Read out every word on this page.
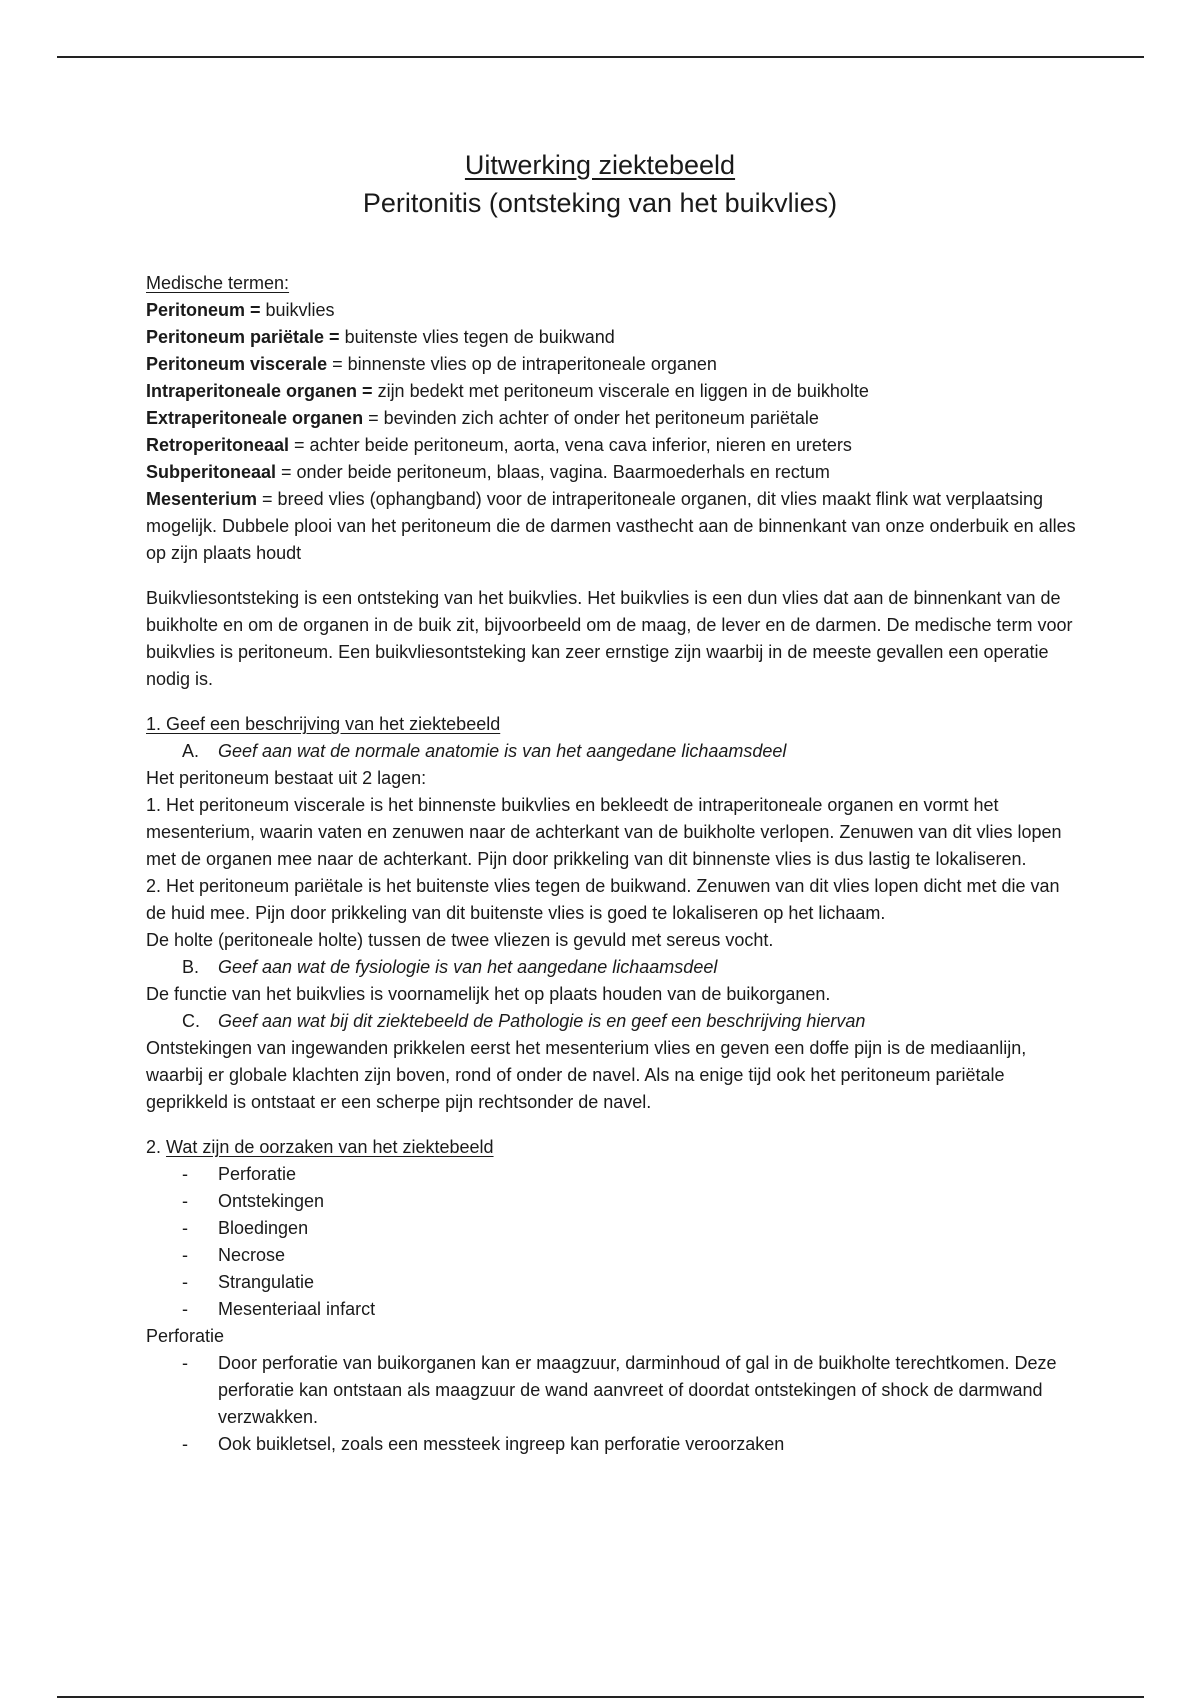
Uitwerking ziektebeeld
Peritonitis (ontsteking van het buikvlies)

Medische termen:

Peritoneum = buikvlies

Peritoneum pariëtale = buitenste vlies tegen de buikwand

Peritoneum viscerale = binnenste vlies op de intraperitoneale organen

Intraperitoneale organen = zijn bedekt met peritoneum viscerale en liggen in de buikholte

Extraperitoneale organen = bevinden zich achter of onder het peritoneum pariëtale

Retroperitoneaal = achter beide peritoneum, aorta, vena cava inferior, nieren en ureters

Subperitoneaal = onder beide peritoneum, blaas, vagina. Baarmoederhals en rectum

Mesenterium = breed vlies (ophangband) voor de intraperitoneale organen, dit vlies maakt flink wat verplaatsing mogelijk. Dubbele plooi van het peritoneum die de darmen vasthecht aan de binnenkant van onze onderbuik en alles op zijn plaats houdt

Buikvliesontsteking is een ontsteking van het buikvlies. Het buikvlies is een dun vlies dat aan de binnenkant van de buikholte en om de organen in de buik zit, bijvoorbeeld om de maag, de lever en de darmen. De medische term voor buikvlies is peritoneum. Een buikvliesontsteking kan zeer ernstige zijn waarbij in de meeste gevallen een operatie nodig is.

1. Geef een beschrijving van het ziektebeeld

A. Geef aan wat de normale anatomie is van het aangedane lichaamsdeel

Het peritoneum bestaat uit 2 lagen:

1. Het peritoneum viscerale is het binnenste buikvlies en bekleedt de intraperitoneale organen en vormt het mesenterium, waarin vaten en zenuwen naar de achterkant van de buikholte verlopen. Zenuwen van dit vlies lopen met de organen mee naar de achterkant. Pijn door prikkeling van dit binnenste vlies is dus lastig te lokaliseren.

2. Het peritoneum pariëtale is het buitenste vlies tegen de buikwand. Zenuwen van dit vlies lopen dicht met die van de huid mee. Pijn door prikkeling van dit buitenste vlies is goed te lokaliseren op het lichaam.

De holte (peritoneale holte) tussen de twee vliezen is gevuld met sereus vocht.

B. Geef aan wat de fysiologie is van het aangedane lichaamsdeel

De functie van het buikvlies is voornamelijk het op plaats houden van de buikorganen.

C. Geef aan wat bij dit ziektebeeld de Pathologie is en geef een beschrijving hiervan

Ontstekingen van ingewanden prikkelen eerst het mesenterium vlies en geven een doffe pijn is de mediaanlijn, waarbij er globale klachten zijn boven, rond of onder de navel. Als na enige tijd ook het peritoneum pariëtale geprikkeld is ontstaat er een scherpe pijn rechtsonder de navel.

2. Wat zijn de oorzaken van het ziektebeeld

- Perforatie
- Ontstekingen
- Bloedingen
- Necrose
- Strangulatie
- Mesenteriaal infarct

Perforatie

- Door perforatie van buikorganen kan er maagzuur, darminhoud of gal in de buikholte terechtkomen. Deze perforatie kan ontstaan als maagzuur de wand aanvreet of doordat ontstekingen of shock de darmwand verzwakken.
- Ook buikletsel, zoals een messteek ingreep kan perforatie veroorzaken
